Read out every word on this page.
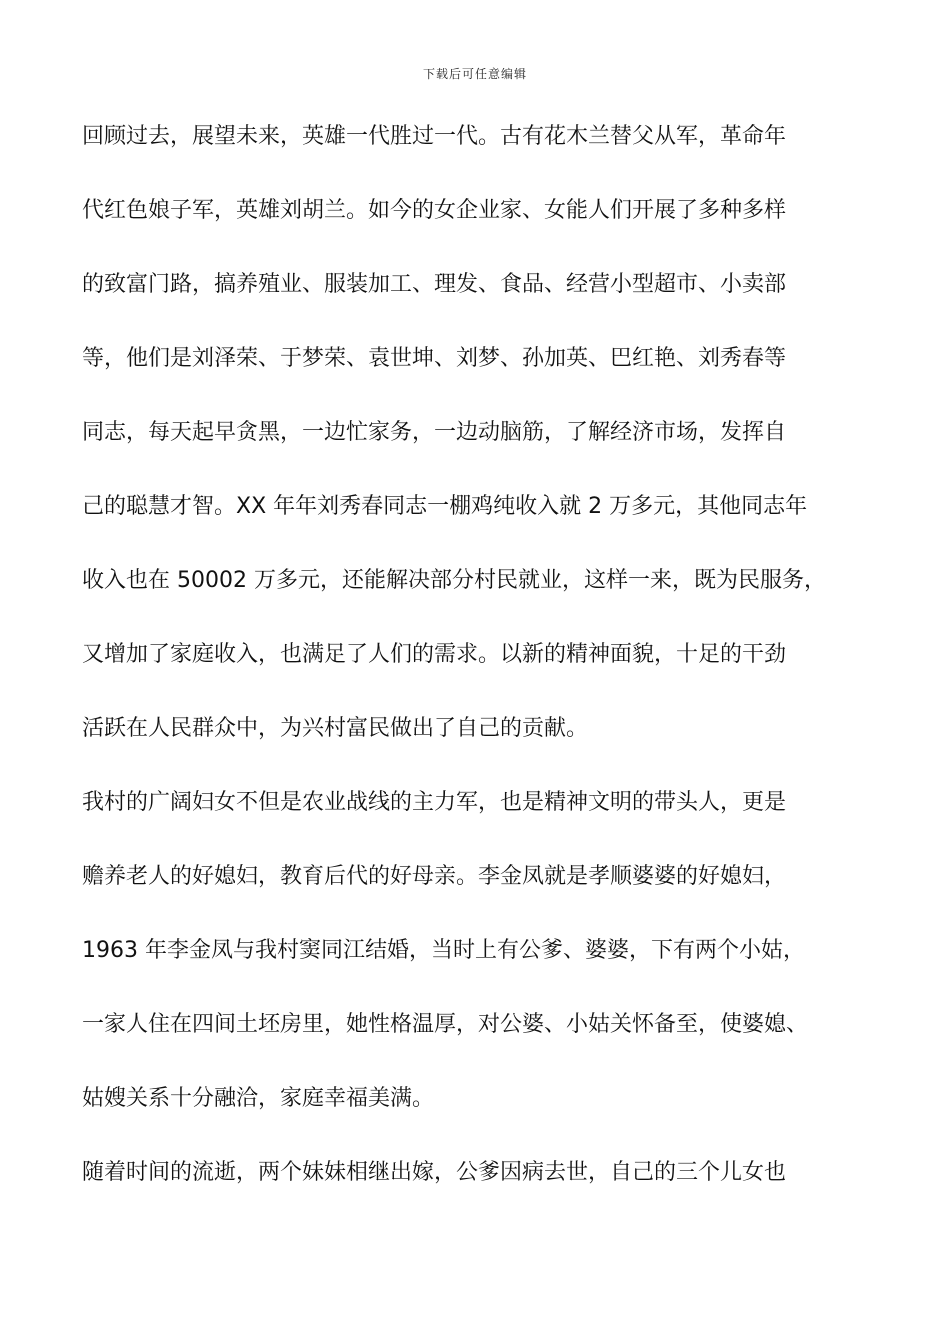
下载后可任意编辑

回顾过去，展望未来，英雄一代胜过一代。古有花木兰替父从军，革命年

代红色娘子军，英雄刘胡兰。如今的女企业家、女能人们开展了多种多样

的致富门路，搞养殖业、服装加工、理发、食品、经营小型超市、小卖部

等，他们是刘泽荣、于梦荣、袁世坤、刘梦、孙加英、巴红艳、刘秀春等

同志，每天起早贪黑，一边忙家务，一边动脑筋，了解经济市场，发挥自

己的聪慧才智。XX 年年刘秀春同志一棚鸡纯收入就 2 万多元，其他同志年

收入也在 50002 万多元，还能解决部分村民就业，这样一来，既为民服务，

又增加了家庭收入，也满足了人们的需求。以新的精神面貌，十足的干劲

活跃在人民群众中，为兴村富民做出了自己的贡献。

我村的广阔妇女不但是农业战线的主力军，也是精神文明的带头人，更是

赡养老人的好媳妇，教育后代的好母亲。李金凤就是孝顺婆婆的好媳妇，

1963 年李金凤与我村窦同江结婚，当时上有公爹、婆婆，下有两个小姑，

一家人住在四间土坯房里，她性格温厚，对公婆、小姑关怀备至，使婆媳、

姑嫂关系十分融洽，家庭幸福美满。

随着时间的流逝，两个妹妹相继出嫁，公爹因病去世，自己的三个儿女也
